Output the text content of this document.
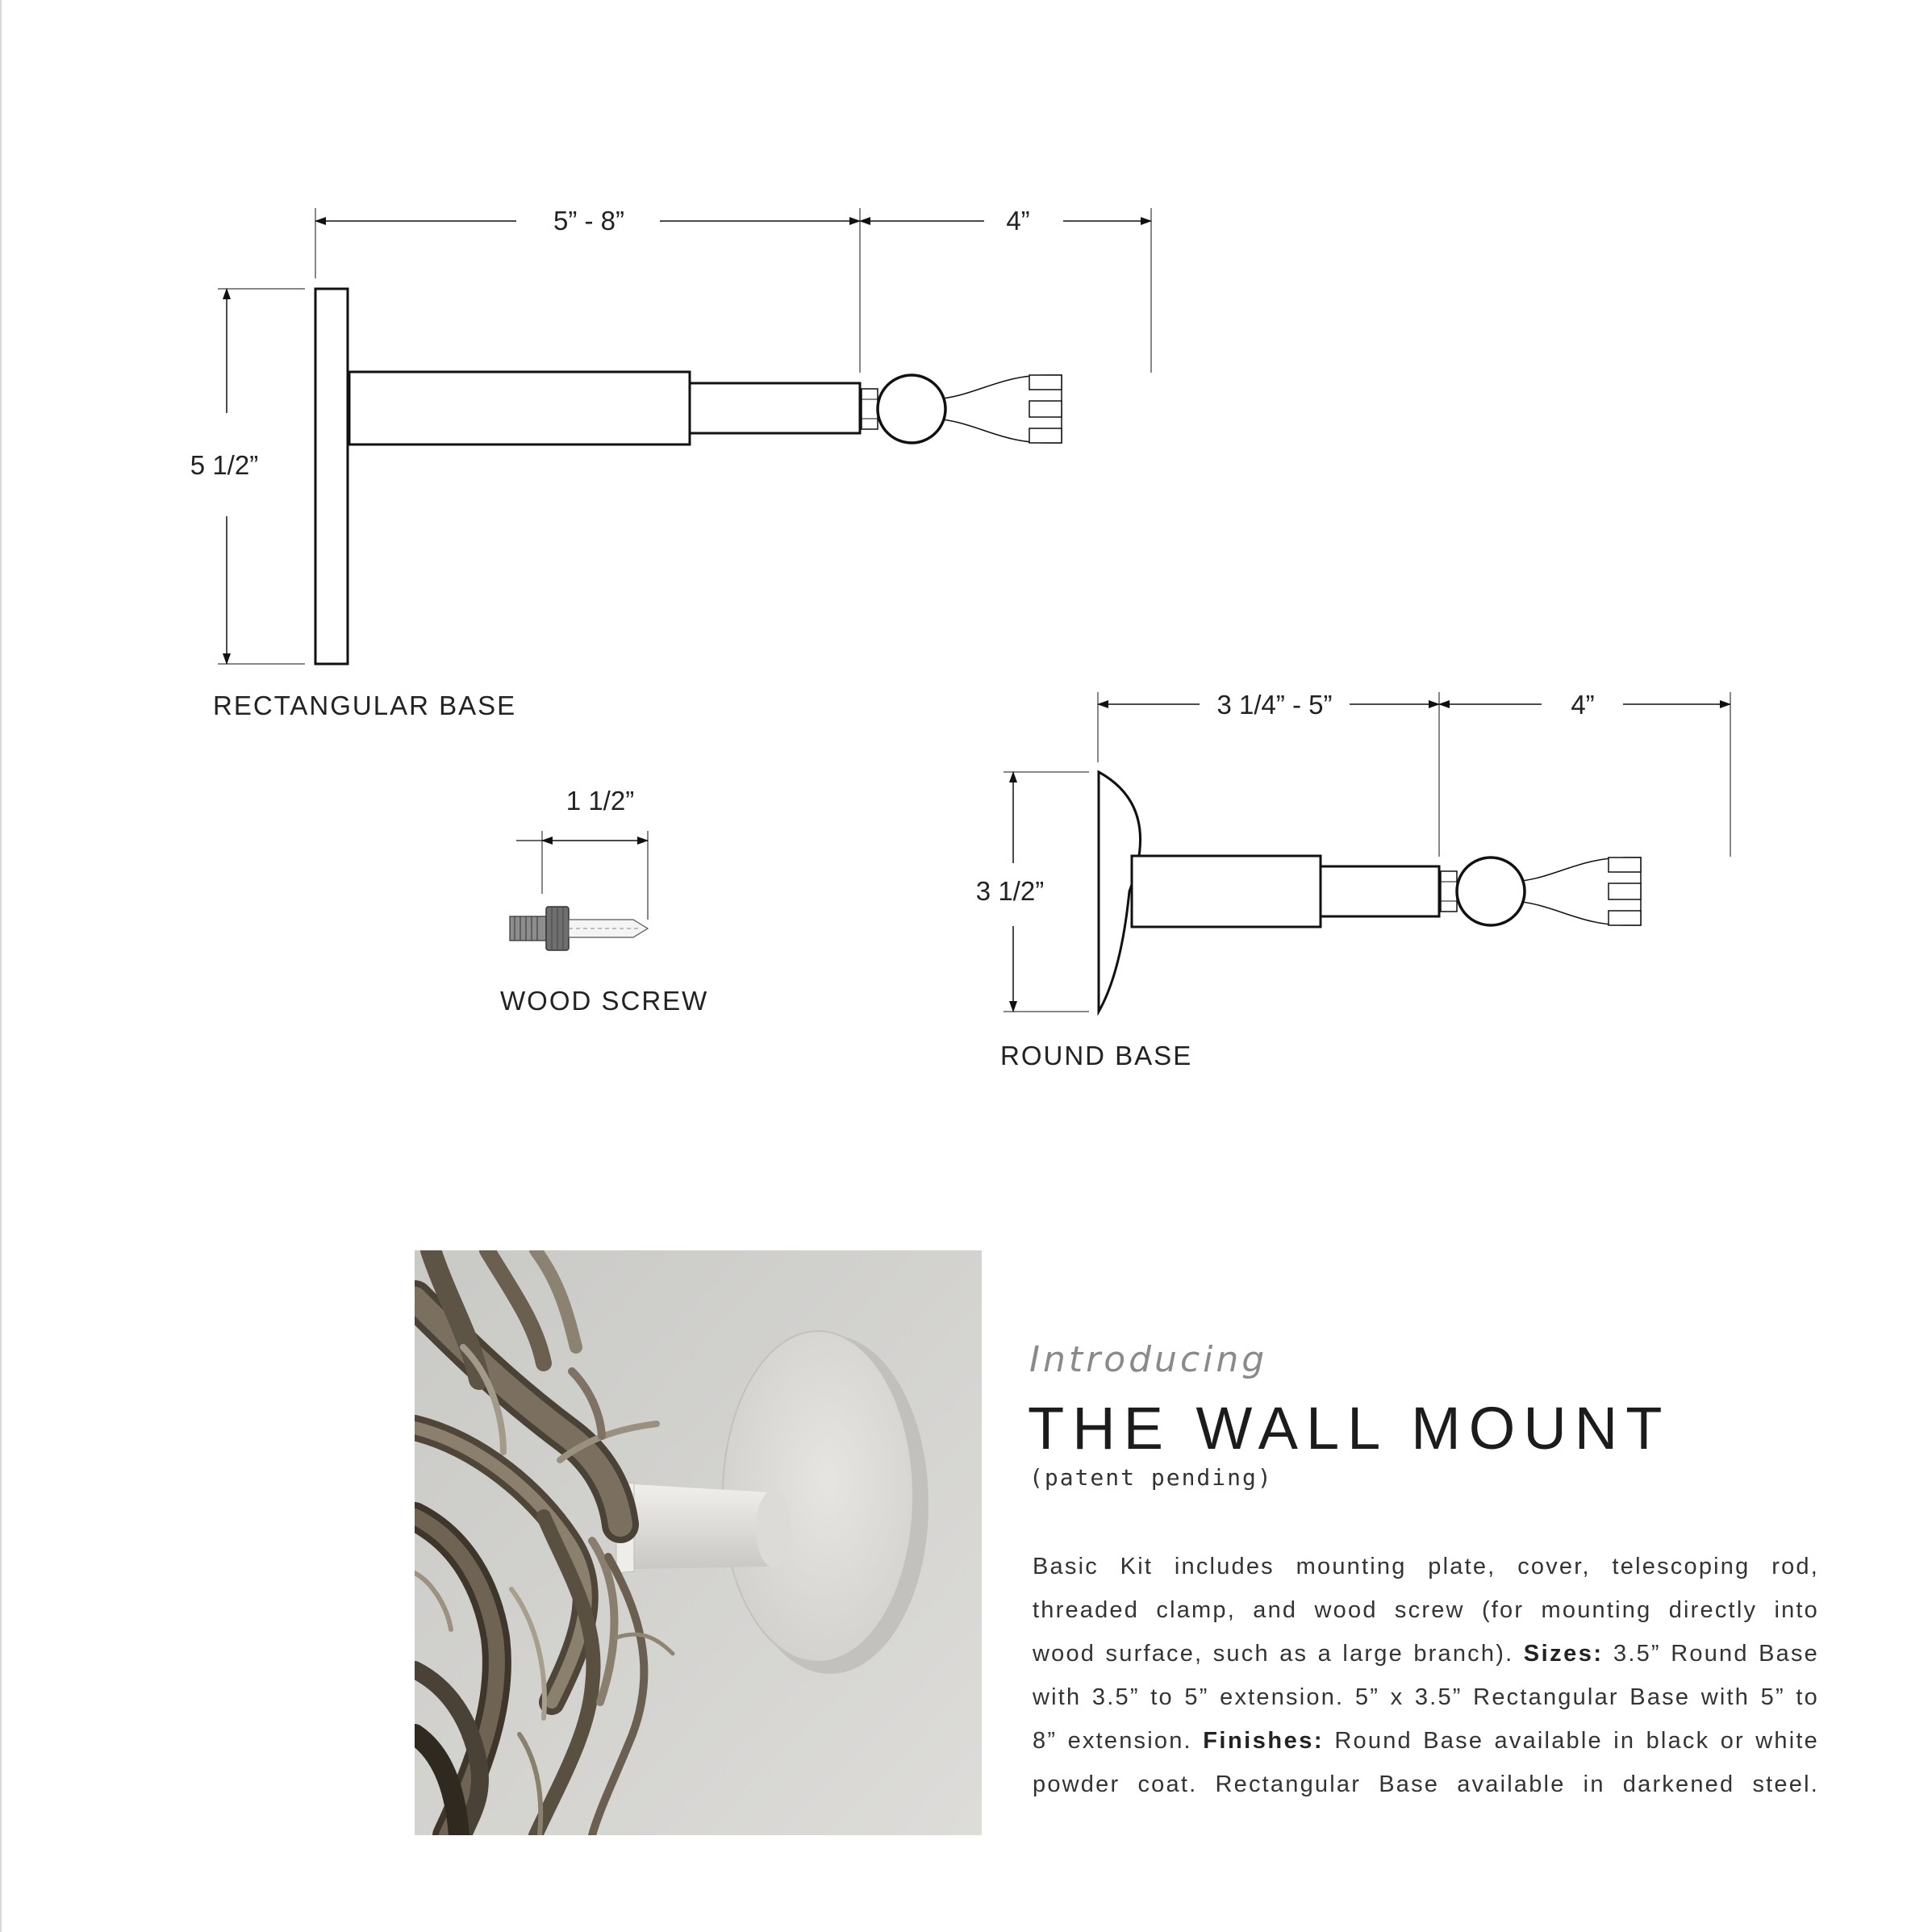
5” - 8”	4”
5 1/2”
RECTANGULAR BASE
1 1/2”
WOOD SCREW
3 1/4” - 5”	4”
3 1/2”
ROUND BASE
Introducing
THE WALL MOUNT
(patent pending)
Basic Kit includes mounting plate, cover, telescoping rod, threaded clamp, and wood screw (for mounting directly into wood surface, such as a large branch). Sizes: 3.5” Round Base with 3.5” to 5” extension. 5” x 3.5” Rectangular Base with 5” to 8” extension. Finishes: Round Base available in black or white powder coat. Rectangular Base available in darkened steel.
